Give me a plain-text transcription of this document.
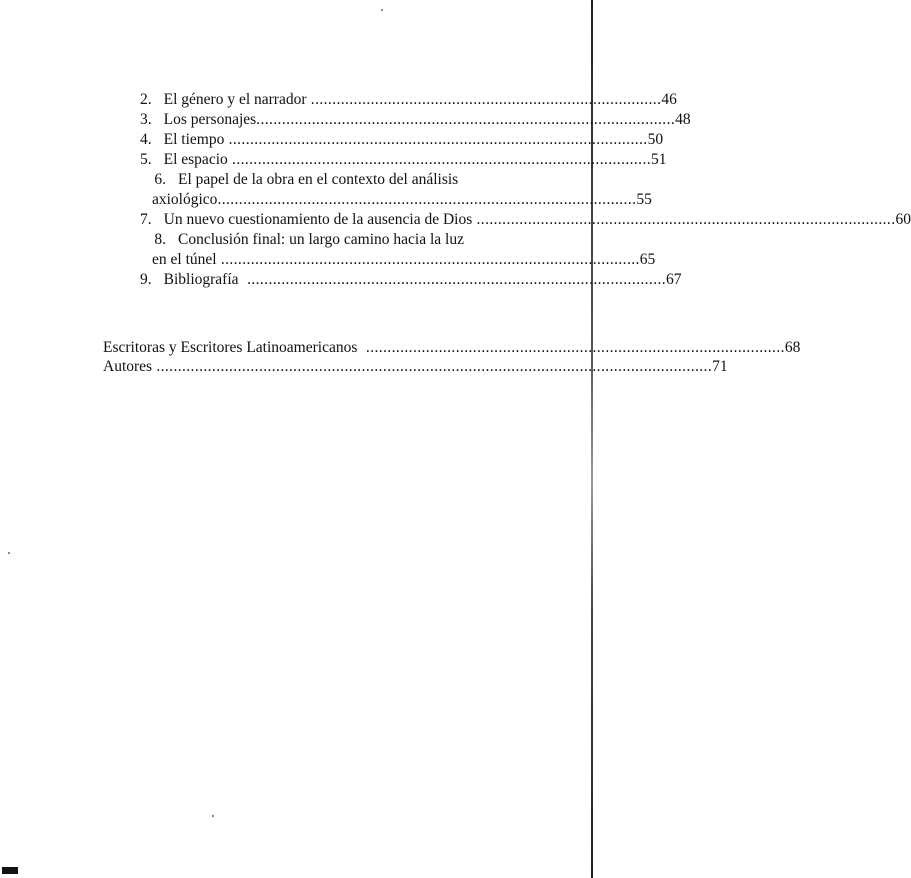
2. El género y el narrador .................................................................................. 46
3. Los personajes .................................................................................................. 48
4. El tiempo .................................................................................................. 50
5. El espacio .................................................................................................. 51
6. El papel de la obra en el contexto del análisis
axiológico .................................................................................................. 55
7. Un nuevo cuestionamiento de la ausencia de Dios .................................................................................................. 60
8. Conclusión final: un largo camino hacia la luz
en el túnel .................................................................................................. 65
9. Bibliografía .................................................................................................. 67
Escritoras y Escritores Latinoamericanos .................................................................................................. 68
Autores .................................................................................................................................. 71
